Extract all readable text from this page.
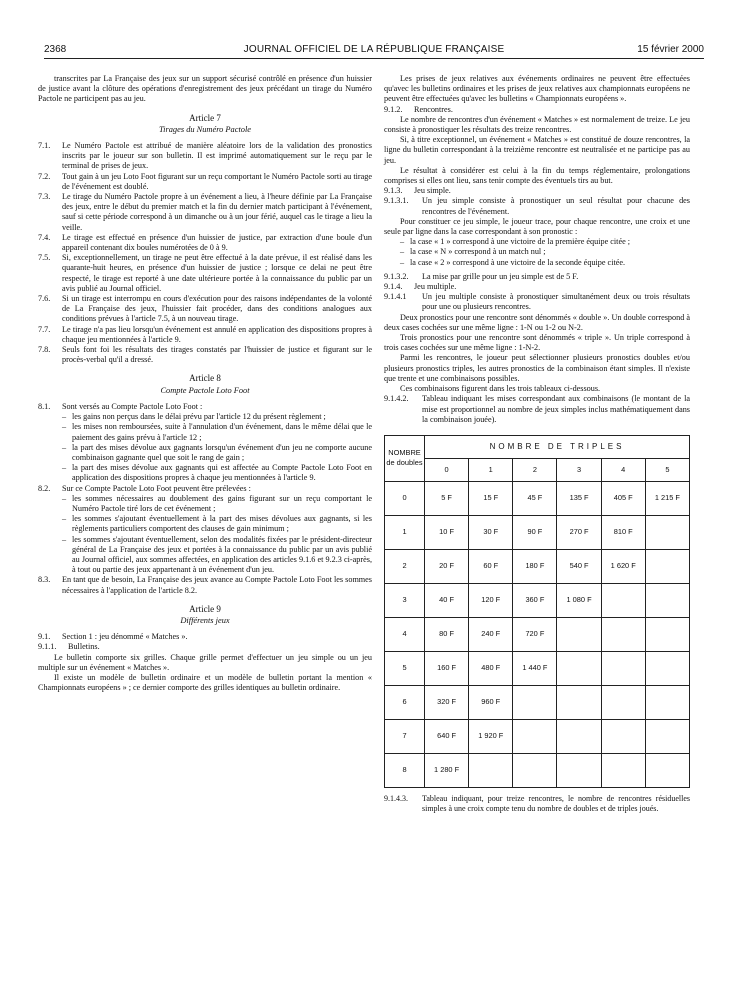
2368	JOURNAL OFFICIEL DE LA RÉPUBLIQUE FRANÇAISE	15 février 2000

transcrites par La Française des jeux sur un support sécurisé contrôlé en présence d'un huissier de justice avant la clôture des opérations d'enregistrement des jeux précédant un tirage du Numéro Pactole ne participent pas au jeu.

Article 7
Tirages du Numéro Pactole
7.1.	Le Numéro Pactole est attribué de manière aléatoire lors de la validation des pronostics inscrits par le joueur sur son bulletin. Il est imprimé automatiquement sur le reçu par le terminal de prises de jeux.
7.2.	Tout gain à un jeu Loto Foot figurant sur un reçu comportant le Numéro Pactole sorti au tirage de l'événement est doublé.
7.3.	Le tirage du Numéro Pactole propre à un événement a lieu, à l'heure définie par La Française des jeux, entre le début du premier match et la fin du dernier match participant à l'événement, sauf si cette période correspond à un dimanche ou à un jour férié, auquel cas le tirage a lieu la veille.
7.4.	Le tirage est effectué en présence d'un huissier de justice, par extraction d'une boule d'un appareil contenant dix boules numérotées de 0 à 9.
7.5.	Si, exceptionnellement, un tirage ne peut être effectué à la date prévue, il est réalisé dans les quarante-huit heures, en présence d'un huissier de justice ; lorsque ce delai ne peut être respecté, le tirage est reporté à une date ultérieure portée à la connaissance du public par un avis publié au Journal officiel.
7.6.	Si un tirage est interrompu en cours d'exécution pour des raisons indépendantes de la volonté de La Française des jeux, l'huissier fait procéder, dans des conditions analogues aux conditions prévues à l'article 7.5, à un nouveau tirage.
7.7.	Le tirage n'a pas lieu lorsqu'un événement est annulé en application des dispositions propres à chaque jeu mentionnées à l'article 9.
7.8.	Seuls font foi les résultats des tirages constatés par l'huissier de justice et figurant sur le procès-verbal qu'il a dressé.
Article 8
Compte Pactole Loto Foot
8.1.	Sont versés au Compte Pactole Loto Foot :
– les gains non perçus dans le délai prévu par l'article 12 du présent règlement ;
– les mises non remboursées, suite à l'annulation d'un événement, dans le même délai que le paiement des gains prévu à l'article 12 ;
– la part des mises dévolue aux gagnants lorsqu'un événement d'un jeu ne comporte aucune combinaison gagnante quel que soit le rang de gain ;
– la part des mises dévolue aux gagnants qui est affectée au Compte Pactole Loto Foot en application des dispositions propres à chaque jeu mentionnées à l'article 9.
8.2.	Sur ce Compte Pactole Loto Foot peuvent être prélevées :
– les sommes nécessaires au doublement des gains figurant sur un reçu comportant le Numéro Pactole tiré lors de cet événement ;
– les sommes s'ajoutant éventuellement à la part des mises dévolues aux gagnants, si les règlements particuliers comportent des clauses de gain minimum ;
– les sommes s'ajoutant éventuellement, selon des modalités fixées par le président-directeur général de La Française des jeux et portées à la connaissance du public par un avis publié au Journal officiel, aux sommes affectées, en application des articles 9.1.6 et 9.2.3 ci-après, à tout ou partie des jeux appartenant à un événement d'un jeu.
8.3.	En tant que de besoin, La Française des jeux avance au Compte Pactole Loto Foot les sommes nécessaires à l'application de l'article 8.2.
Article 9
Différents jeux
9.1.	Section 1 : jeu dénommé « Matches ».
9.1.1.	Bulletins.

Le bulletin comporte six grilles. Chaque grille permet d'effectuer un jeu simple ou un jeu multiple sur un événement « Matches ».

Il existe un modèle de bulletin ordinaire et un modèle de bulletin portant la mention « Championnats européens » ; ce dernier comporte des grilles identiques au bulletin ordinaire.

Les prises de jeux relatives aux événements ordinaires ne peuvent être effectuées qu'avec les bulletins ordinaires et les prises de jeux relatives aux championnats européens ne peuvent être effectuées qu'avec les bulletins « Championnats européens ».

9.1.2.	Rencontres.

Le nombre de rencontres d'un événement « Matches » est normalement de treize. Le jeu consiste à pronostiquer les résultats des treize rencontres.

Si, à titre exceptionnel, un événement « Matches » est constitué de douze rencontres, la ligne du bulletin correspondant à la treizième rencontre est neutralisée et ne participe pas au jeu.

Le résultat à considérer est celui à la fin du temps réglementaire, prolongations comprises si elles ont lieu, sans tenir compte des éventuels tirs au but.

9.1.3.	Jeu simple.
9.1.3.1.	Un jeu simple consiste à pronostiquer un seul résultat pour chacune des rencontres de l'événement.

Pour constituer ce jeu simple, le joueur trace, pour chaque rencontre, une croix et une seule par ligne dans la case correspondant à son pronostic :

– la case « 1 » correspond à une victoire de la première équipe citée ;
– la case « N » correspond à un match nul ;
– la case « 2 » correspond à une victoire de la seconde équipe citée.
9.1.3.2.	La mise par grille pour un jeu simple est de 5 F.
9.1.4.	Jeu multiple.
9.1.4.1	Un jeu multiple consiste à pronostiquer simultanément deux ou trois résultats pour une ou plusieurs rencontres.

Deux pronostics pour une rencontre sont dénommés « double ». Un double correspond à deux cases cochées sur une même ligne : 1-N ou 1-2 ou N-2.

Trois pronostics pour une rencontre sont dénommés « triple ». Un triple correspond à trois cases cochées sur une même ligne : 1-N-2.

Parmi les rencontres, le joueur peut sélectionner plusieurs pronostics doubles et/ou plusieurs pronostics triples, les autres pronostics de la combinaison étant simples. Il n'existe que trente et une combinaisons possibles.

Ces combinaisons figurent dans les trois tableaux ci-dessous.

9.1.4.2.	Tableau indiquant les mises correspondant aux combinaisons (le montant de la mise est proportionnel au nombre de jeux simples inclus mathématiquement dans la combinaison jouée).
NOMBRE de doubles	NOMBRE DE TRIPLES					
	0	1	2	3	4	5
0	5 F	15 F	45 F	135 F	405 F	1 215 F
1	10 F	30 F	90 F	270 F	810 F	
2	20 F	60 F	180 F	540 F	1 620 F	
3	40 F	120 F	360 F	1 080 F		
4	80 F	240 F	720 F			
5	160 F	480 F	1 440 F			
6	320 F	960 F				
7	640 F	1 920 F				
8	1 280 F					
9.1.4.3.	Tableau indiquant, pour treize rencontres, le nombre de rencontres résiduelles simples à une croix compte tenu du nombre de doubles et de triples joués.
